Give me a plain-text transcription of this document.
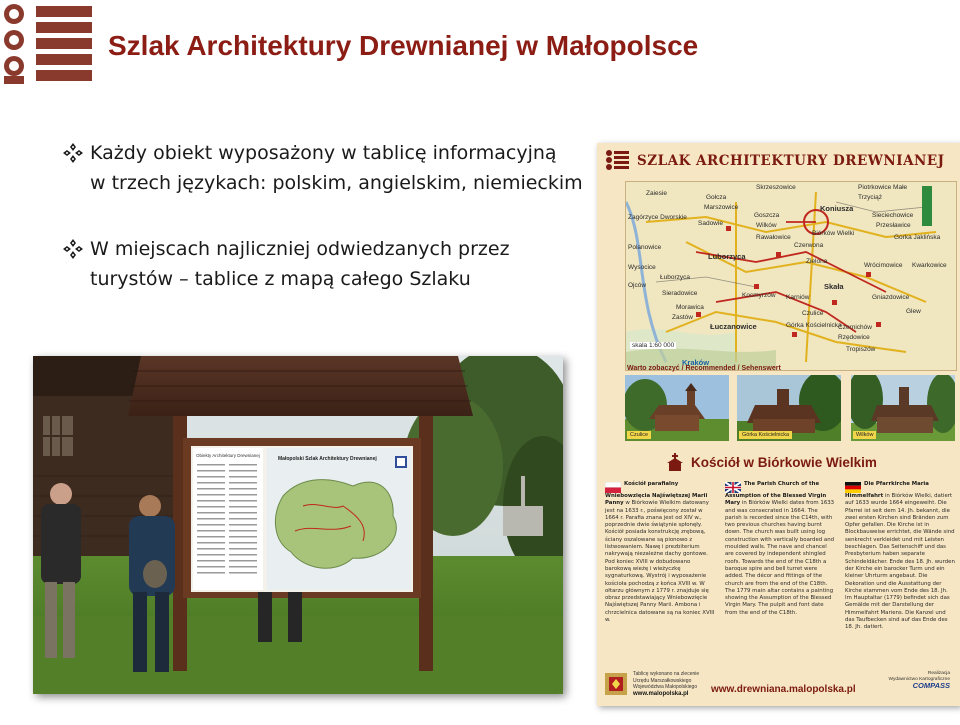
Szlak Architektury Drewnianej w Małopolsce
Każdy obiekt wyposażony w tablicę informacyjną
w trzech językach: polskim, angielskim, niemieckim
W miejscach najliczniej odwiedzanych przez
turystów – tablice z mapą całego Szlaku
Obiekty Architektury Drewnianej
Małopolski Szlak Architektury Drewnianej
SZLAK ARCHITEKTURY DREWNIANEJ
Zaiesie
Gołcza
Skrzeszowice	Piotrkowice Małe
Trzyciąż
Marszowice
Zagórzyce Dworskie	Goszcza
Sadowie	Wilków
Koniusza
Rawałowice
Luborzyca
Biórków Wielki
Sieciechowice
Przesławice
Polanowice
Wysocice
Czerwona
Gorka Jaklińska
Ojców
Łuborzyca
Sieradowice
Morawica
Łuczanowice
Kraków
Kocmyrzów Karniów
Zielona
Czulice
Wrócimowice Kwarkowice
Skała
Czernichów
Tropiszów
Glew
Gniazdowice
Zastów
Górka Kościelnicka
Rzędowice
skala 1:60 000
Warto zobaczyć / Recommended / Sehenswert
Czulice	Górka Kościelnicka	Wilków
Kościół w Biórkowie Wielkim

Kościół parafialny Wniebowzięcia Najświętszej Marii Panny w Biórkowie Wielkim datowany jest na 1633 r., poświęcony został w 1664 r. Parafia znana jest od XIV w., poprzednie dwie świątynie spłonęły. Kościół posiada konstrukcję zrębową, ściany oszalowane są pionowo z listwowaniem. Nawę i prezbiterium nakrywają niezależne dachy gontowe. Pod koniec XVIII w dobudowano barokową wieżę i wieżyczkę sygnaturkową. Wystrój i wyposażenie kościoła pochodzą z końca XVIII w. W ołtarzu głównym z 1779 r. znajduje się obraz przedstawiający Wniebowzięcie Najświętszej Panny Marii. Ambona i chrzcielnica datowane są na koniec XVIII w.

The Parish Church of the Assumption of the Blessed Virgin Mary in Biórków Wielki dates from 1633 and was consecrated in 1664. The parish is recorded since the C14th, with two previous churches having burnt down. The church was built using log construction with vertically boarded and moulded walls. The nave and chancel are covered by independent shingled roofs. Towards the end of the C18th a baroque spire and bell turret were added. The décor and fittings of the church are from the end of the C18th. The 1779 main altar contains a painting showing the Assumption of the Blessed Virgin Mary. The pulpit and font date from the end of the C18th.

Die Pfarrkirche Maria Himmelfahrt in Biórków Wielki, datiert auf 1633 wurde 1664 eingeweiht. Die Pfarrei ist seit dem 14. Jh. bekannt, die zwei ersten Kirchen sind Bränden zum Opfer gefallen. Die Kirche ist in Blockbauweise errichtet, die Wände sind senkrecht verkleidet und mit Leisten beschlagen. Das Seitenschiff und das Presbyterium haben separate Schindeldächer. Ende des 18. Jh. wurden der Kirche ein barocker Turm und ein kleiner Uhrturm angebaut. Die Dekoration und die Ausstattung der Kirche stammen vom Ende des 18. Jh. Im Hauptaltar (1779) befindet sich das Gemälde mit der Darstellung der Himmelfahrt Mariens. Die Kanzel und das Taufbecken sind auf das Ende des 18. Jh. datiert.

Tablicę wykonano na zlecenie
Urzędu Marszałkowskiego
Województwa Małopolskiego
www.malopolska.pl	www.drewniana.malopolska.pl
Realizacja
Wydawnictwo Kartograficzne
COMPASS
